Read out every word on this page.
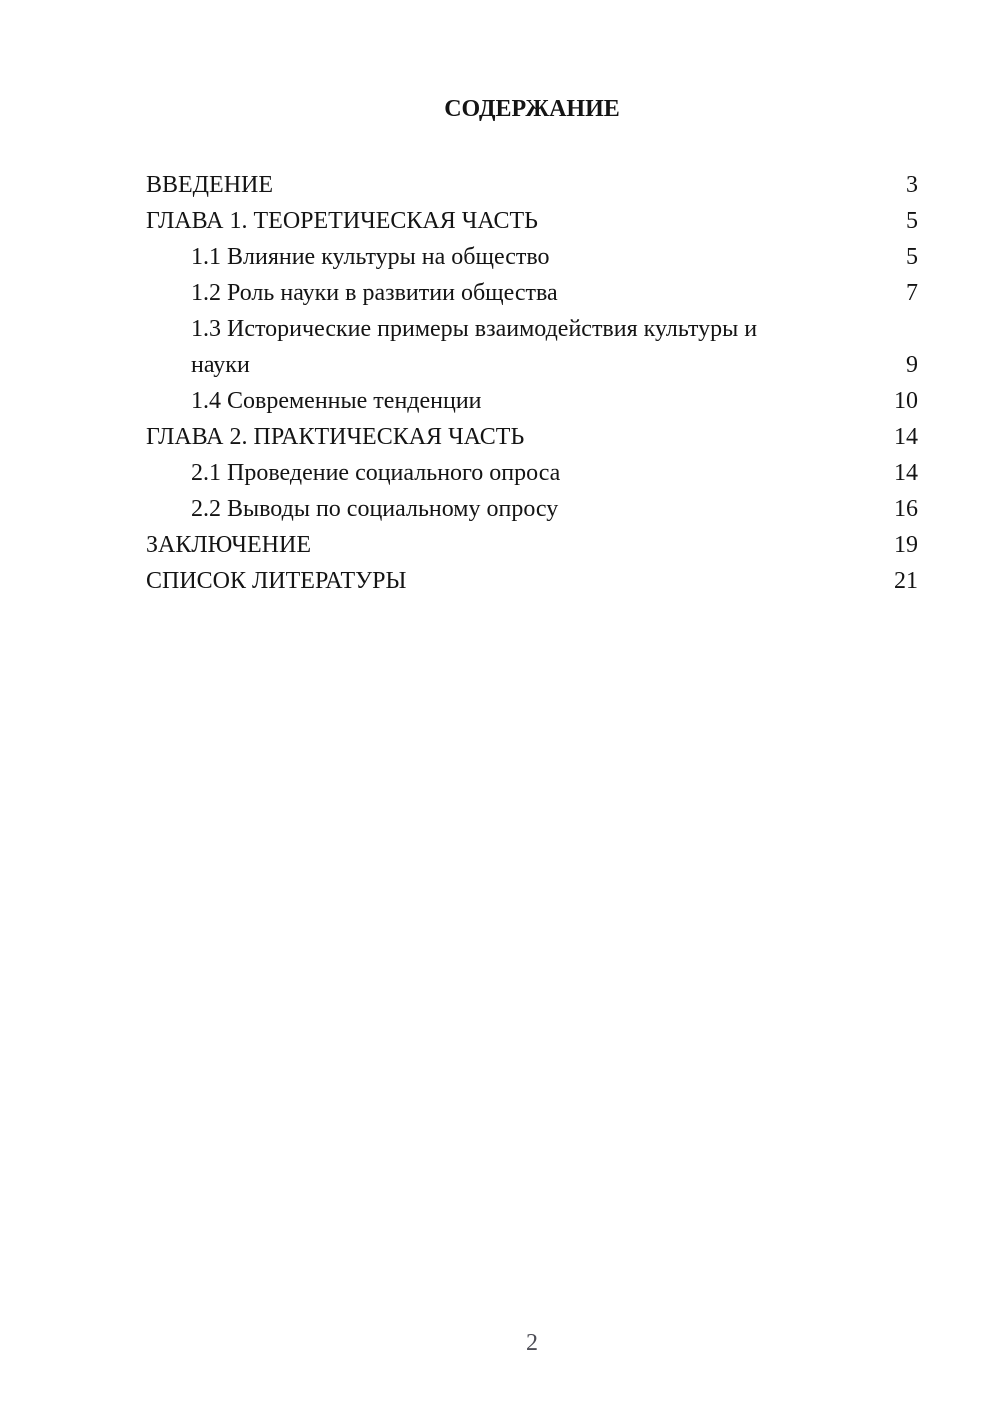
СОДЕРЖАНИЕ
ВВЕДЕНИЕ	3
ГЛАВА 1. ТЕОРЕТИЧЕСКАЯ ЧАСТЬ	5
1.1 Влияние культуры на общество	5
1.2 Роль науки в развитии общества	7
1.3 Исторические примеры взаимодействия культуры и науки	9
1.4 Современные тенденции	10
ГЛАВА 2. ПРАКТИЧЕСКАЯ ЧАСТЬ	14
2.1 Проведение социального опроса	14
2.2 Выводы по социальному опросу	16
ЗАКЛЮЧЕНИЕ	19
СПИСОК ЛИТЕРАТУРЫ	21
2
